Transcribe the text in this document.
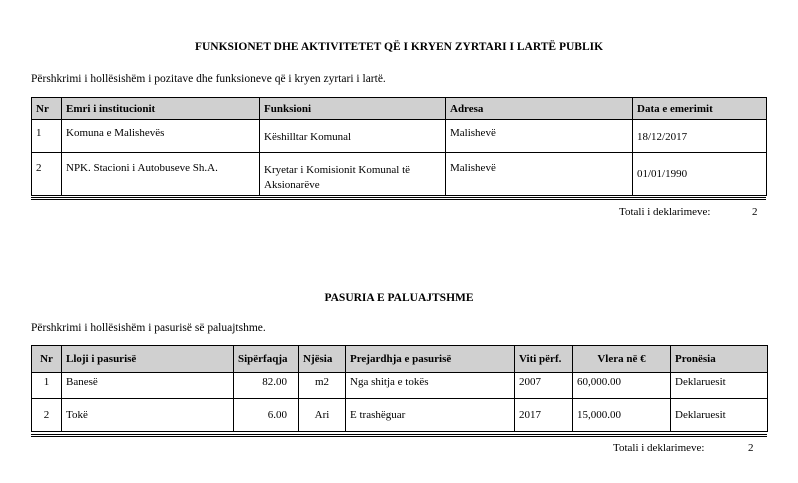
FUNKSIONET DHE AKTIVITETET QË I KRYEN ZYRTARI I LARTË PUBLIK
Përshkrimi i hollësishëm i pozitave dhe funksioneve që i kryen zyrtari i lartë.
Nr	Emri i institucionit	Funksioni	Adresa	Data e emerimit
1	Komuna e Malishevës	Këshilltar Komunal	Malishevë	18/12/2017
2	NPK. Stacioni i Autobuseve Sh.A.	Kryetar i Komisionit Komunal të Aksionarëve	Malishevë	01/01/1990
Totali i deklarimeve:	2
PASURIA E PALUAJTSHME
Përshkrimi i hollësishëm i pasurisë së paluajtshme.
Nr	Lloji i pasurisë	Sipërfaqja	Njësia	Prejardhja e pasurisë	Viti përf.	Vlera në €	Pronësia
1	Banesë	82.00	m2	Nga shitja e tokës	2007	60,000.00	Deklaruesit
2	Tokë	6.00	Ari	E trashëguar	2017	15,000.00	Deklaruesit
Totali i deklarimeve:	2
